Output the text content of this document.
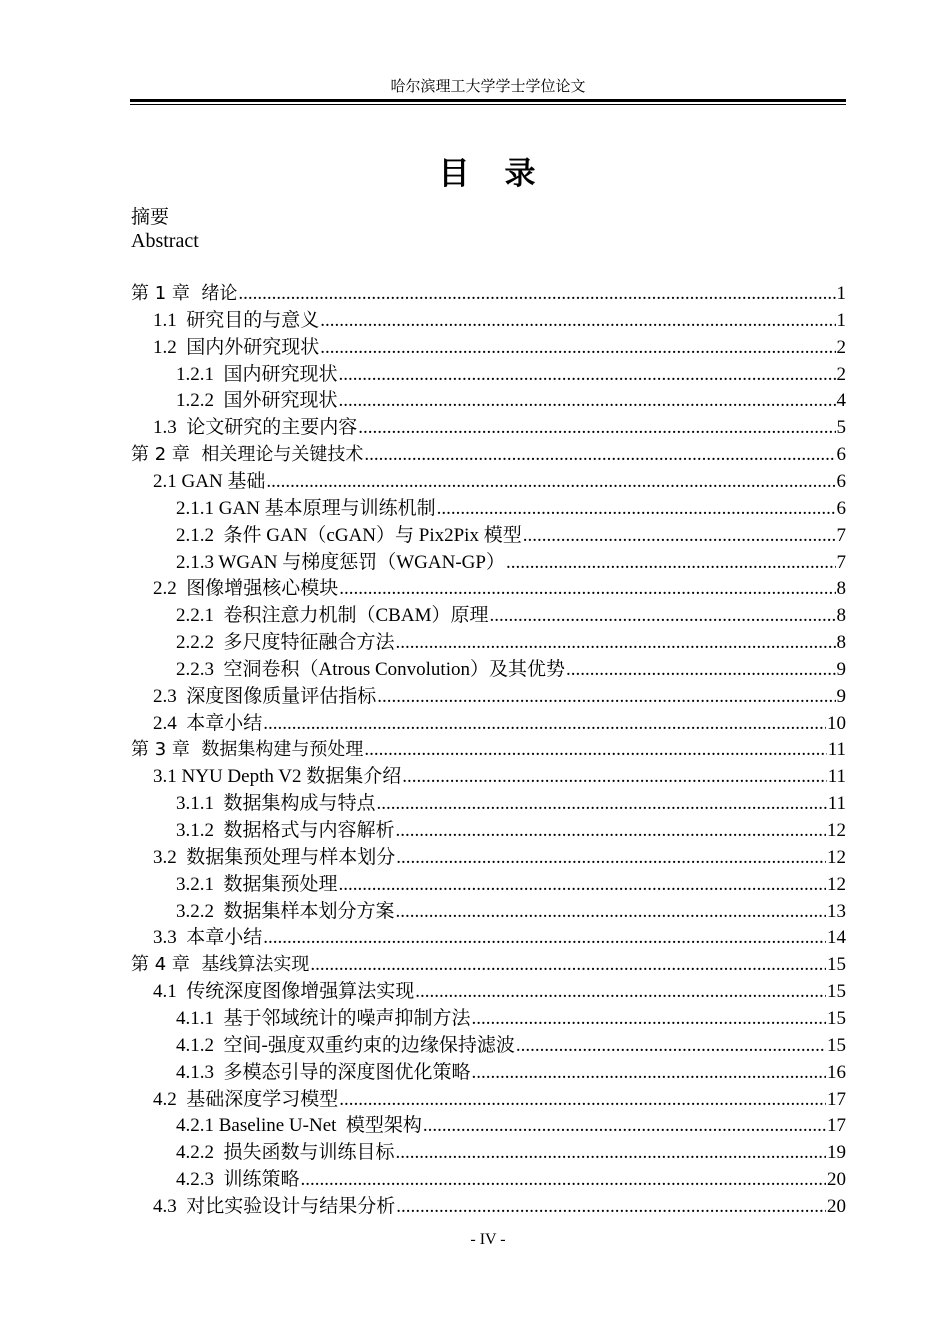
哈尔滨理工大学学士学位论文
目　录
摘要
Abstract
第 1 章  绪论 .....	1
1.1  研究目的与意义 .....	1
1.2  国内外研究现状 .....	2
1.2.1  国内研究现状 .....	2
1.2.2  国外研究现状 .....	4
1.3  论文研究的主要内容 .....	5
第 2 章  相关理论与关键技术 .....	6
2.1 GAN 基础 .....	6
2.1.1 GAN 基本原理与训练机制 .....	6
2.1.2  条件 GAN（cGAN）与 Pix2Pix 模型 .....	7
2.1.3 WGAN 与梯度惩罚（WGAN-GP） .....	7
2.2  图像增强核心模块 .....	8
2.2.1  卷积注意力机制（CBAM）原理 .....	8
2.2.2  多尺度特征融合方法 .....	8
2.2.3  空洞卷积（Atrous Convolution）及其优势 .....	9
2.3  深度图像质量评估指标 .....	9
2.4  本章小结 .....	10
第 3 章  数据集构建与预处理 .....	11
3.1 NYU Depth V2 数据集介绍 .....	11
3.1.1  数据集构成与特点 .....	11
3.1.2  数据格式与内容解析 .....	12
3.2  数据集预处理与样本划分 .....	12
3.2.1  数据集预处理 .....	12
3.2.2  数据集样本划分方案 .....	13
3.3  本章小结 .....	14
第 4 章  基线算法实现 .....	15
4.1  传统深度图像增强算法实现 .....	15
4.1.1  基于邻域统计的噪声抑制方法 .....	15
4.1.2  空间-强度双重约束的边缘保持滤波 .....	15
4.1.3  多模态引导的深度图优化策略 .....	16
4.2  基础深度学习模型 .....	17
4.2.1 Baseline U-Net  模型架构 .....	17
4.2.2  损失函数与训练目标 .....	19
4.2.3  训练策略 .....	20
4.3  对比实验设计与结果分析 .....	20
- IV -
